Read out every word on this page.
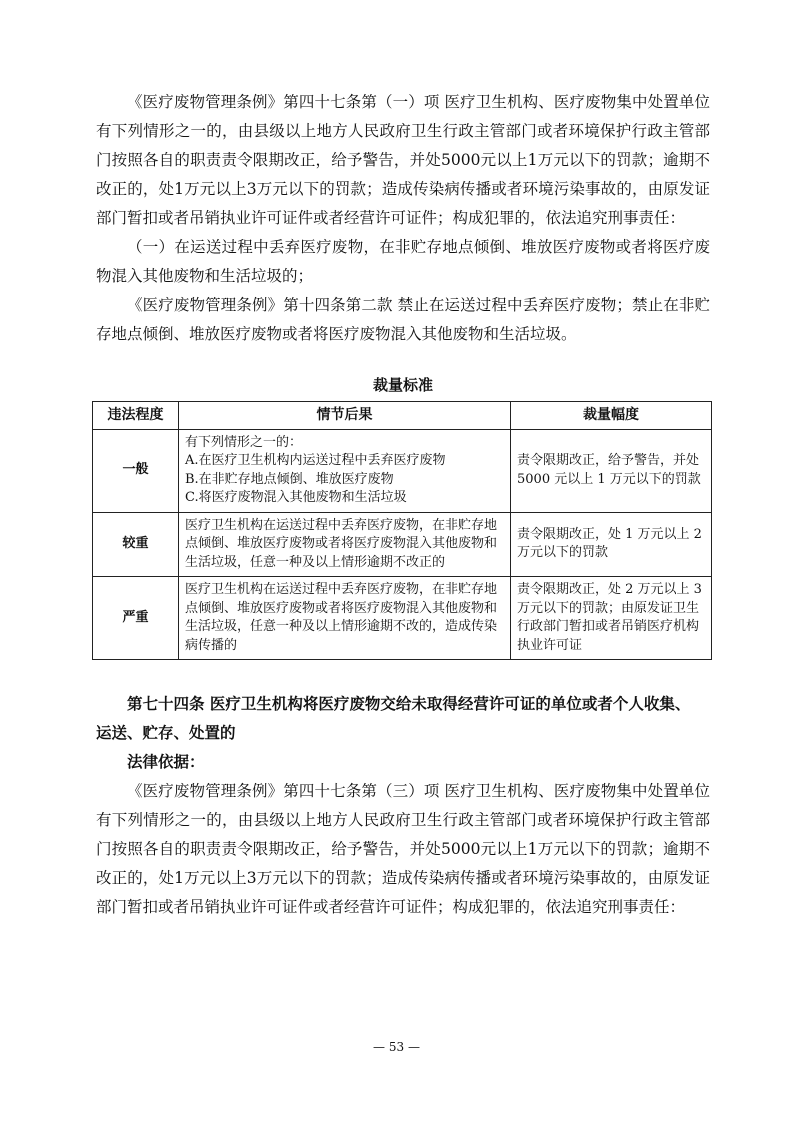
《医疗废物管理条例》第四十七条第（一）项 医疗卫生机构、医疗废物集中处置单位有下列情形之一的，由县级以上地方人民政府卫生行政主管部门或者环境保护行政主管部门按照各自的职责责令限期改正，给予警告，并处5000元以上1万元以下的罚款；逾期不改正的，处1万元以上3万元以下的罚款；造成传染病传播或者环境污染事故的，由原发证部门暂扣或者吊销执业许可证件或者经营许可证件；构成犯罪的，依法追究刑事责任：

（一）在运送过程中丢弃医疗废物，在非贮存地点倾倒、堆放医疗废物或者将医疗废物混入其他废物和生活垃圾的；

《医疗废物管理条例》第十四条第二款 禁止在运送过程中丢弃医疗废物；禁止在非贮存地点倾倒、堆放医疗废物或者将医疗废物混入其他废物和生活垃圾。

裁量标准
违法程度	情节后果	裁量幅度
一般	有下列情形之一的：
A.在医疗卫生机构内运送过程中丢弃医疗废物
B.在非贮存地点倾倒、堆放医疗废物
C.将医疗废物混入其他废物和生活垃圾	责令限期改正，给予警告，并处 5000 元以上 1 万元以下的罚款
较重	医疗卫生机构在运送过程中丢弃医疗废物，在非贮存地点倾倒、堆放医疗废物或者将医疗废物混入其他废物和生活垃圾，任意一种及以上情形逾期不改正的	责令限期改正，处 1 万元以上 2 万元以下的罚款
严重	医疗卫生机构在运送过程中丢弃医疗废物，在非贮存地点倾倒、堆放医疗废物或者将医疗废物混入其他废物和生活垃圾，任意一种及以上情形逾期不改的，造成传染病传播的	责令限期改正，处 2 万元以上 3 万元以下的罚款；由原发证卫生行政部门暂扣或者吊销医疗机构执业许可证

第七十四条 医疗卫生机构将医疗废物交给未取得经营许可证的单位或者个人收集、

运送、贮存、处置的

法律依据：

《医疗废物管理条例》第四十七条第（三）项 医疗卫生机构、医疗废物集中处置单位有下列情形之一的，由县级以上地方人民政府卫生行政主管部门或者环境保护行政主管部门按照各自的职责责令限期改正，给予警告，并处5000元以上1万元以下的罚款；逾期不改正的，处1万元以上3万元以下的罚款；造成传染病传播或者环境污染事故的，由原发证部门暂扣或者吊销执业许可证件或者经营许可证件；构成犯罪的，依法追究刑事责任：

— 53 —
